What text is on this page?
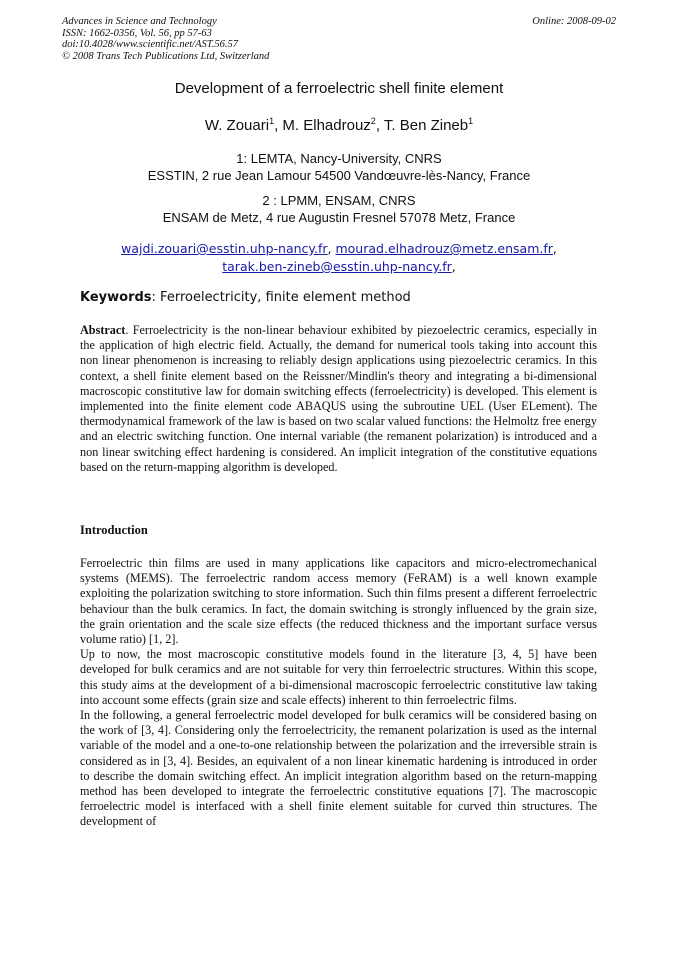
Advances in Science and Technology
ISSN: 1662-0356, Vol. 56, pp 57-63
doi:10.4028/www.scientific.net/AST.56.57
© 2008 Trans Tech Publications Ltd, Switzerland
Online: 2008-09-02
Development of a ferroelectric shell finite element
W. Zouari$^1$, M. Elhadrouz$^2$, T. Ben Zineb$^1$
1: LEMTA, Nancy-University, CNRS
ESSTIN, 2 rue Jean Lamour 54500 Vandœuvre-lès-Nancy, France
2 : LPMM, ENSAM, CNRS
ENSAM de Metz, 4 rue Augustin Fresnel 57078 Metz, France
wajdi.zouari@esstin.uhp-nancy.fr, mourad.elhadrouz@metz.ensam.fr,
tarak.ben-zineb@esstin.uhp-nancy.fr,
Keywords: Ferroelectricity, finite element method
Abstract. Ferroelectricity is the non-linear behaviour exhibited by piezoelectric ceramics, especially in the application of high electric field. Actually, the demand for numerical tools taking into account this non linear phenomenon is increasing to reliably design applications using piezoelectric ceramics. In this context, a shell finite element based on the Reissner/Mindlin's theory and integrating a bi-dimensional macroscopic constitutive law for domain switching effects (ferroelectricity) is developed. This element is implemented into the finite element code ABAQUS using the subroutine UEL (User ELement). The thermodynamical framework of the law is based on two scalar valued functions: the Helmoltz free energy and an electric switching function. One internal variable (the remanent polarization) is introduced and a non linear switching effect hardening is considered. An implicit integration of the constitutive equations based on the return-mapping algorithm is developed.
Introduction

Ferroelectric thin films are used in many applications like capacitors and micro-electromechanical systems (MEMS). The ferroelectric random access memory (FeRAM) is a well known example exploiting the polarization switching to store information. Such thin films present a different ferroelectric behaviour than the bulk ceramics. In fact, the domain switching is strongly influenced by the grain size, the grain orientation and the scale size effects (the reduced thickness and the important surface versus volume ratio) [1, 2].

Up to now, the most macroscopic constitutive models found in the literature [3, 4, 5] have been developed for bulk ceramics and are not suitable for very thin ferroelectric structures. Within this scope, this study aims at the development of a bi-dimensional macroscopic ferroelectric constitutive law taking into account some effects (grain size and scale effects) inherent to thin ferroelectric films.

In the following, a general ferroelectric model developed for bulk ceramics will be considered basing on the work of [3, 4]. Considering only the ferroelectricity, the remanent polarization is used as the internal variable of the model and a one-to-one relationship between the polarization and the irreversible strain is considered as in [3, 4]. Besides, an equivalent of a non linear kinematic hardening is introduced in order to describe the domain switching effect. An implicit integration algorithm based on the return-mapping method has been developed to integrate the ferroelectric constitutive equations [7]. The macroscopic ferroelectric model is interfaced with a shell finite element suitable for curved thin structures. The development of
